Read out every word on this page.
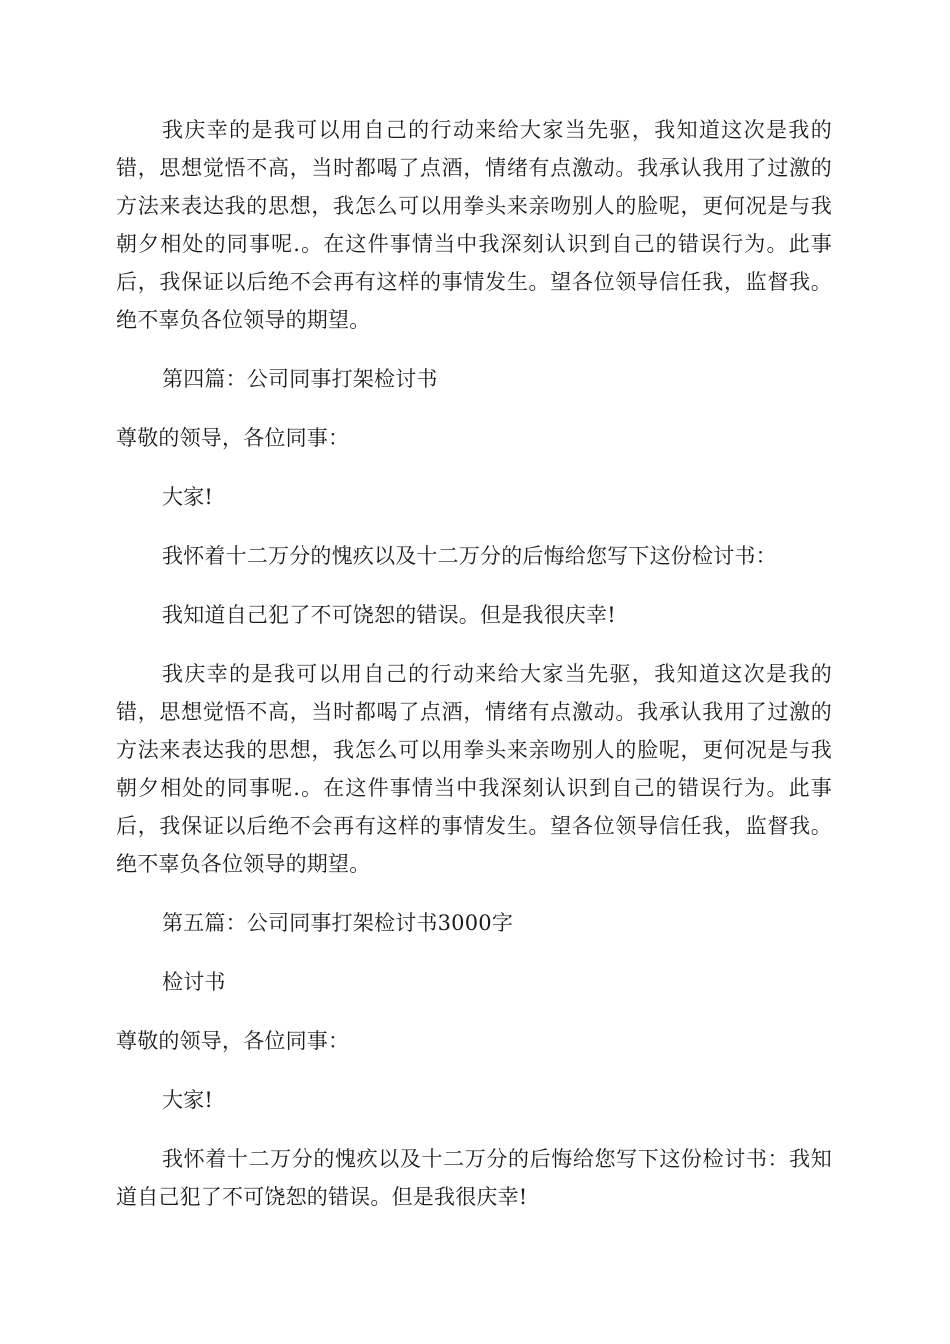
我庆幸的是我可以用自己的行动来给大家当先驱，我知道这次是我的错，思想觉悟不高，当时都喝了点酒，情绪有点激动。我承认我用了过激的方法来表达我的思想，我怎么可以用拳头来亲吻别人的脸呢，更何况是与我朝夕相处的同事呢.。在这件事情当中我深刻认识到自己的错误行为。此事后，我保证以后绝不会再有这样的事情发生。望各位领导信任我，监督我。绝不辜负各位领导的期望。

第四篇：公司同事打架检讨书

尊敬的领导，各位同事：

大家!

我怀着十二万分的愧疚以及十二万分的后悔给您写下这份检讨书：

我知道自己犯了不可饶恕的错误。但是我很庆幸!

我庆幸的是我可以用自己的行动来给大家当先驱，我知道这次是我的错，思想觉悟不高，当时都喝了点酒，情绪有点激动。我承认我用了过激的方法来表达我的思想，我怎么可以用拳头来亲吻别人的脸呢，更何况是与我朝夕相处的同事呢.。在这件事情当中我深刻认识到自己的错误行为。此事后，我保证以后绝不会再有这样的事情发生。望各位领导信任我，监督我。绝不辜负各位领导的期望。

第五篇：公司同事打架检讨书3000字

检讨书

尊敬的领导，各位同事：

大家!

我怀着十二万分的愧疚以及十二万分的后悔给您写下这份检讨书：我知道自己犯了不可饶恕的错误。但是我很庆幸!
